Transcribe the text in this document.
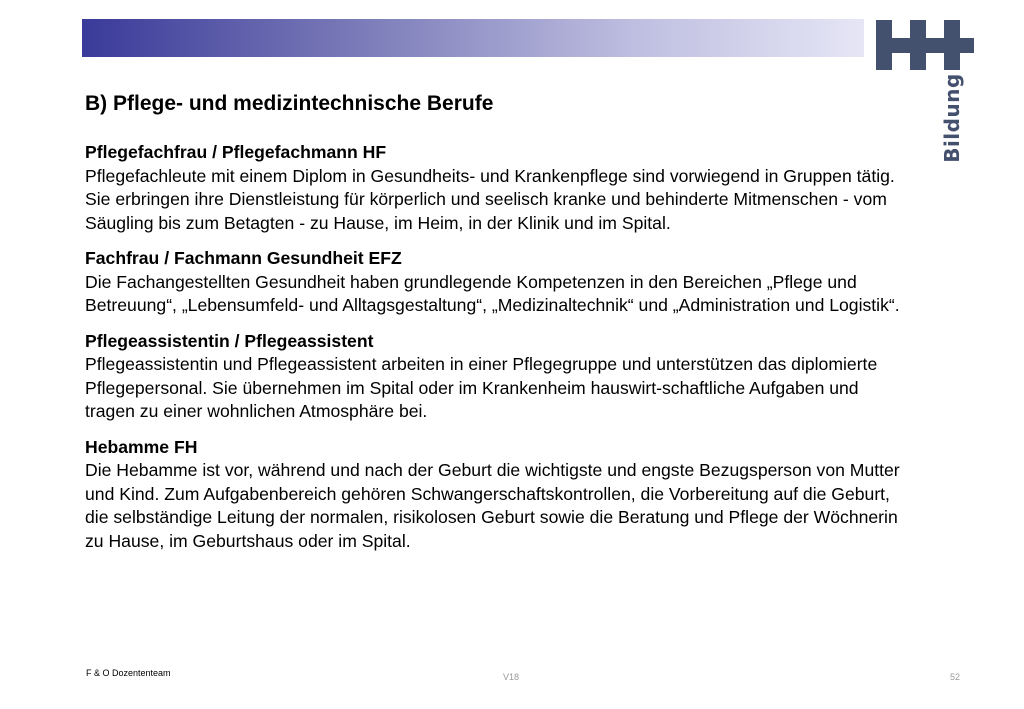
Bildung
B) Pflege- und medizintechnische Berufe

Pflegefachfrau / Pflegefachmann HF

Pflegefachleute mit einem Diplom in Gesundheits- und Krankenpflege sind vorwiegend in Gruppen tätig. Sie erbringen ihre Dienstleistung für körperlich und seelisch kranke und behinderte Mitmenschen - vom Säugling bis zum Betagten - zu Hause, im Heim, in der Klinik und im Spital.

Fachfrau / Fachmann Gesundheit EFZ

Die Fachangestellten Gesundheit haben grundlegende Kompetenzen in den Bereichen „Pflege und Betreuung“, „Lebensumfeld- und Alltagsgestaltung“, „Medizinaltechnik“ und „Administration und Logistik“.

Pflegeassistentin / Pflegeassistent

Pflegeassistentin und Pflegeassistent arbeiten in einer Pflegegruppe und unterstützen das diplomierte Pflegepersonal. Sie übernehmen im Spital oder im Krankenheim hauswirt-schaftliche Aufgaben und tragen zu einer wohnlichen Atmosphäre bei.

Hebamme FH

Die Hebamme ist vor, während und nach der Geburt die wichtigste und engste Bezugsperson von Mutter und Kind. Zum Aufgabenbereich gehören Schwangerschaftskontrollen, die Vorbereitung auf die Geburt, die selbständige Leitung der normalen, risikolosen Geburt sowie die Beratung und Pflege der Wöchnerin zu Hause, im Geburtshaus oder im Spital.

F & O Dozententeam	V18	52
